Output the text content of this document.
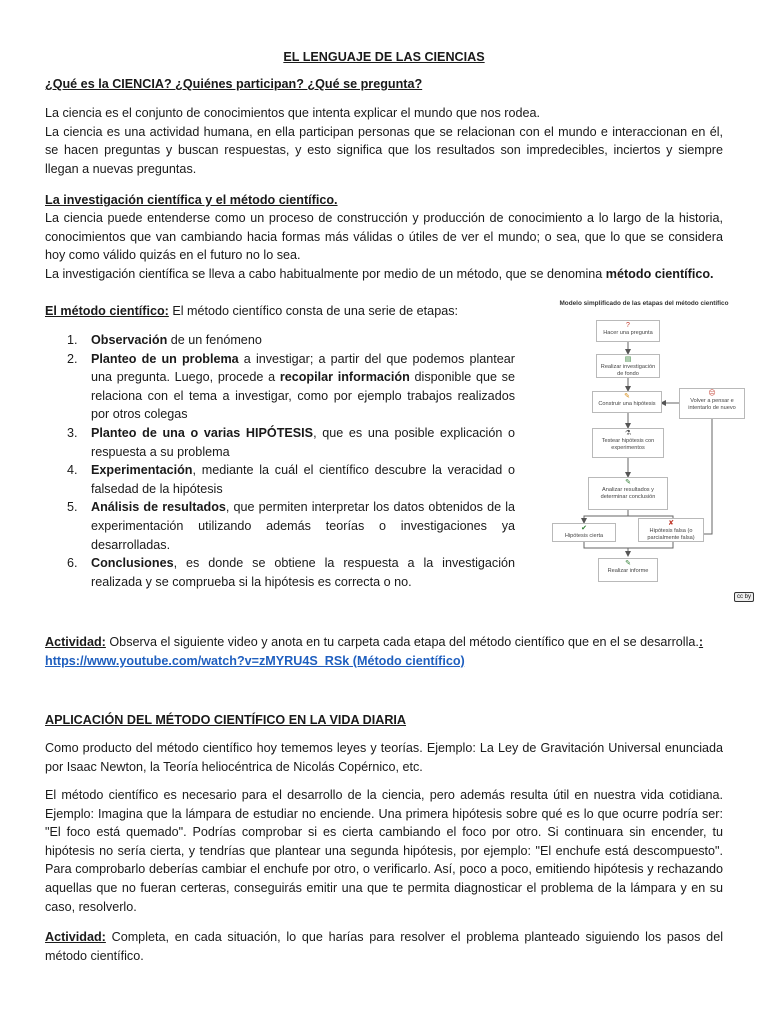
EL LENGUAJE DE LAS CIENCIAS
¿Qué es la CIENCIA? ¿Quiénes participan? ¿Qué se pregunta?

La ciencia es el conjunto de conocimientos que intenta explicar el mundo que nos rodea.

La ciencia es una actividad humana, en ella participan personas que se relacionan con el mundo e interaccionan en él, se hacen preguntas y buscan respuestas, y esto significa que los resultados son impredecibles, inciertos y siempre llegan a nuevas preguntas.

La investigación científica y el método científico.

La ciencia puede entenderse como un proceso de construcción y producción de conocimiento a lo largo de la historia, conocimientos que van cambiando hacia formas más válidas o útiles de ver el mundo; o sea, que lo que se considera hoy como válido quizás en el futuro no lo sea.

La investigación científica se lleva a cabo habitualmente por medio de un método, que se denomina método científico.

El método científico: El método científico consta de una serie de etapas:
1. Observación de un fenómeno
2. Planteo de un problema a investigar; a partir del que podemos plantear una pregunta. Luego, procede a recopilar información disponible que se relaciona con el tema a investigar, como por ejemplo trabajos realizados por otros colegas
3. Planteo de una o varias HIPÓTESIS, que es una posible explicación o respuesta a su problema
4. Experimentación, mediante la cuál el científico descubre la veracidad o falsedad de la hipótesis
5. Análisis de resultados, que permiten interpretar los datos obtenidos de la experimentación utilizando además teorías o investigaciones ya desarrolladas.
6. Conclusiones, es donde se obtiene la respuesta a la investigación realizada y se comprueba si la hipótesis es correcta o no.
Modelo simplificado de las etapas del método científico
?
Hacer una pregunta
▤
Realizar investigación de fondo
✎
Construir una hipótesis
☹
Volver a pensar e intentarlo de nuevo
⚗
Testear hipótesis con experimentos
✎
Analizar resultados y determinar conclusión
✔
Hipótesis cierta
✘
Hipótesis falsa (o parcialmente falsa)
✎
Realizar informe
cc by

Actividad: Observa el siguiente video y anota en tu carpeta cada etapa del método científico que en el se desarrolla.:

https://www.youtube.com/watch?v=zMYRU4S_RSk (Método científico)

APLICACIÓN DEL MÉTODO CIENTÍFICO EN LA VIDA DIARIA
Como producto del método científico hoy tememos leyes y teorías. Ejemplo: La Ley de Gravitación Universal enunciada por Isaac Newton, la Teoría heliocéntrica de Nicolás Copérnico, etc.
El método científico es necesario para el desarrollo de la ciencia, pero además resulta útil en nuestra vida cotidiana. Ejemplo: Imagina que la lámpara de estudiar no enciende. Una primera hipótesis sobre qué es lo que ocurre podría ser: "El foco está quemado". Podrías comprobar si es cierta cambiando el foco por otro. Si continuara sin encender, tu hipótesis no sería cierta, y tendrías que plantear una segunda hipótesis, por ejemplo: "El enchufe está descompuesto". Para comprobarlo deberías cambiar el enchufe por otro, o verificarlo. Así, poco a poco, emitiendo hipótesis y rechazando aquellas que no fueran certeras, conseguirás emitir una que te permita diagnosticar el problema de la lámpara y en su caso, resolverlo.
Actividad: Completa, en cada situación, lo que harías para resolver el problema planteado siguiendo los pasos del método científico.
